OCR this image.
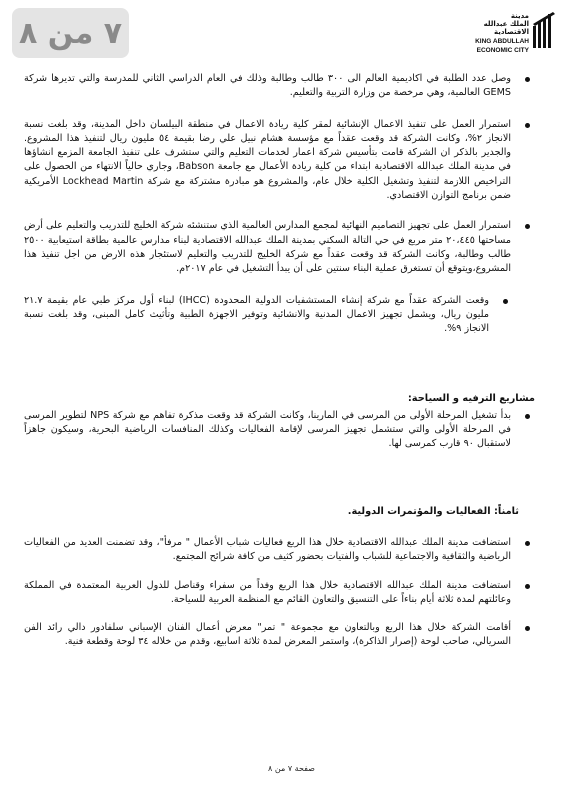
٧ من ٨	مدينة
الملك عبدالله
الاقتصادية
KING ABDULLAH
ECONOMIC CITY
وصل عدد الطلبة في اكاديمية العالم الى ٣٠٠ طالب وطالبة وذلك في العام الدراسي الثاني للمدرسة والتي تديرها شركة GEMS العالمية، وهي مرخصة من وزارة التربية والتعليم.
استمرار العمل على تنفيذ الاعمال الإنشائية لمقر كلية ريادة الاعمال في منطقة البيلسان داخل المدينة، وقد بلغت نسبة الانجاز ٢%، وكانت الشركة قد وقعت عقداً مع مؤسسة هشام نبيل علي رضا بقيمة ٥٤ مليون ريال لتنفيذ هذا المشروع. والجدير بالذكر ان الشركة قامت بتأسيس شركة اعمار لخدمات التعليم والتي ستشرف على تنفيذ الجامعة المزمع انشاؤها في مدينة الملك عبدالله الاقتصادية ابتداء من كلية ريادة الأعمال مع جامعة Babson، وجاري حالياً الانتهاء من الحصول على التراخيص اللازمة لتنفيذ وتشغيل الكلية خلال عام، والمشروع هو مبادرة مشتركة مع شركة Lockhead Martin الأمريكية ضمن برنامج التوازن الاقتصادي.
استمرار العمل على تجهيز التصاميم النهائية لمجمع المدارس العالمية الذي ستنشئه شركة الخليج للتدريب والتعليم على أرض مساحتها ٢٠،٤٤٥ متر مربع في حي التالة السكني بمدينة الملك عبدالله الاقتصادية لبناء مدارس عالمية بطاقة استيعابية ٢٥٠٠ طالب وطالبة، وكانت الشركة قد وقعت عقداً مع شركة الخليج للتدريب والتعليم لاستئجار هذه الارض من اجل تنفيذ هذا المشروع،ويتوقع أن تستغرق عملية البناء سنتين على أن يبدأ التشغيل في عام ٢٠١٧م.
وقعت الشركة عقداً مع شركة إنشاء المستشفيات الدولية المحدودة (IHCC) لبناء أول مركز طبي عام بقيمة ٢١.٧ مليون ريال، ويشمل تجهيز الاعمال المدنية والانشائية وتوفير الاجهزة الطبية وتأثيث كامل المبنى، وقد بلغت نسبة الانجاز ٩%.
مشاريع الترفيه و السياحة:
بدأ تشغيل المرحلة الأولى من المرسى في المارينا، وكانت الشركة قد وقعت مذكرة تفاهم مع شركة NPS لتطوير المرسى في المرحلة الأولى والتي ستشمل تجهيز المرسى لإقامة الفعاليات وكذلك المنافسات الرياضية البحرية، وسيكون جاهزاً لاستقبال ٩٠ قارب كمرسى لها.
ثامناً: الفعاليات والمؤتمرات الدولية.
استضافت مدينة الملك عبدالله الاقتصادية خلال هذا الربع فعاليات شباب الأعمال " مرفأ"، وقد تضمنت العديد من الفعاليات الرياضية والثقافية والاجتماعية للشباب والفتيات بحضور كثيف من كافة شرائح المجتمع.
استضافت مدينة الملك عبدالله الاقتصادية خلال هذا الربع وفداً من سفراء وقناصل للدول العربية المعتمدة في المملكة وعائلتهم لمدة ثلاثة أيام بناءاً على التنسيق والتعاون القائم مع المنظمة العربية للسياحة.
أقامت الشركة خلال هذا الربع وبالتعاون مع مجموعة " تمر" معرض أعمال الفنان الإسباني سلفادور دالي رائد الفن السريالي، صاحب لوحة (إصرار الذاكرة)، واستمر المعرض لمدة ثلاثة اسابيع، وقدم من خلاله ٣٤ لوحة وقطعة فنية.
صفحة ٧ من ٨
